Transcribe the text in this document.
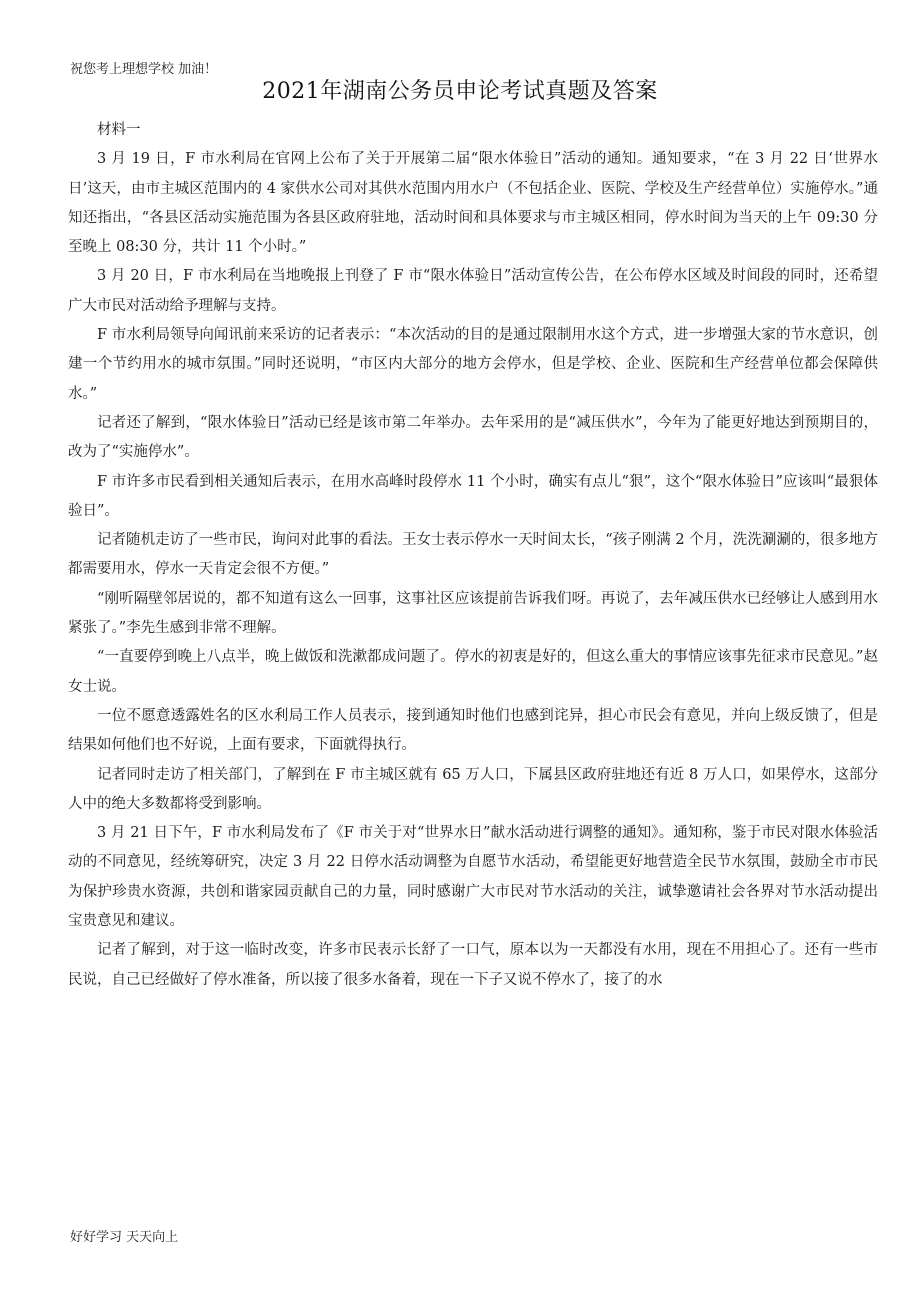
祝您考上理想学校 加油！
2021年湖南公务员申论考试真题及答案

材料一

3 月 19 日，F 市水利局在官网上公布了关于开展第二届“限水体验日”活动的通知。通知要求，“在 3 月 22 日‘世界水日’这天，由市主城区范围内的 4 家供水公司对其供水范围内用水户（不包括企业、医院、学校及生产经营单位）实施停水。”通知还指出，“各县区活动实施范围为各县区政府驻地，活动时间和具体要求与市主城区相同，停水时间为当天的上午 09:30 分至晚上 08:30 分，共计 11 个小时。”

3 月 20 日，F 市水利局在当地晚报上刊登了 F 市“限水体验日”活动宣传公告，在公布停水区域及时间段的同时，还希望广大市民对活动给予理解与支持。

F 市水利局领导向闻讯前来采访的记者表示：“本次活动的目的是通过限制用水这个方式，进一步增强大家的节水意识，创建一个节约用水的城市氛围。”同时还说明，“市区内大部分的地方会停水，但是学校、企业、医院和生产经营单位都会保障供水。”

记者还了解到，“限水体验日”活动已经是该市第二年举办。去年采用的是“减压供水”，今年为了能更好地达到预期目的，改为了“实施停水”。

F 市许多市民看到相关通知后表示，在用水高峰时段停水 11 个小时，确实有点儿“狠”，这个“限水体验日”应该叫“最狠体验日”。

记者随机走访了一些市民，询问对此事的看法。王女士表示停水一天时间太长，“孩子刚满 2 个月，洗洗涮涮的，很多地方都需要用水，停水一天肯定会很不方便。”

“刚听隔壁邻居说的，都不知道有这么一回事，这事社区应该提前告诉我们呀。再说了，去年减压供水已经够让人感到用水紧张了。”李先生感到非常不理解。

“一直要停到晚上八点半，晚上做饭和洗漱都成问题了。停水的初衷是好的，但这么重大的事情应该事先征求市民意见。”赵女士说。

一位不愿意透露姓名的区水利局工作人员表示，接到通知时他们也感到诧异，担心市民会有意见，并向上级反馈了，但是结果如何他们也不好说，上面有要求，下面就得执行。

记者同时走访了相关部门，了解到在 F 市主城区就有 65 万人口，下属县区政府驻地还有近 8 万人口，如果停水，这部分人中的绝大多数都将受到影响。

3 月 21 日下午，F 市水利局发布了《F 市关于对“世界水日”献水活动进行调整的通知》。通知称，鉴于市民对限水体验活动的不同意见，经统筹研究，决定 3 月 22 日停水活动调整为自愿节水活动，希望能更好地营造全民节水氛围，鼓励全市市民为保护珍贵水资源，共创和谐家园贡献自己的力量，同时感谢广大市民对节水活动的关注，诚挚邀请社会各界对节水活动提出宝贵意见和建议。

记者了解到，对于这一临时改变，许多市民表示长舒了一口气，原本以为一天都没有水用，现在不用担心了。还有一些市民说，自己已经做好了停水准备，所以接了很多水备着，现在一下子又说不停水了，接了的水

好好学习 天天向上
